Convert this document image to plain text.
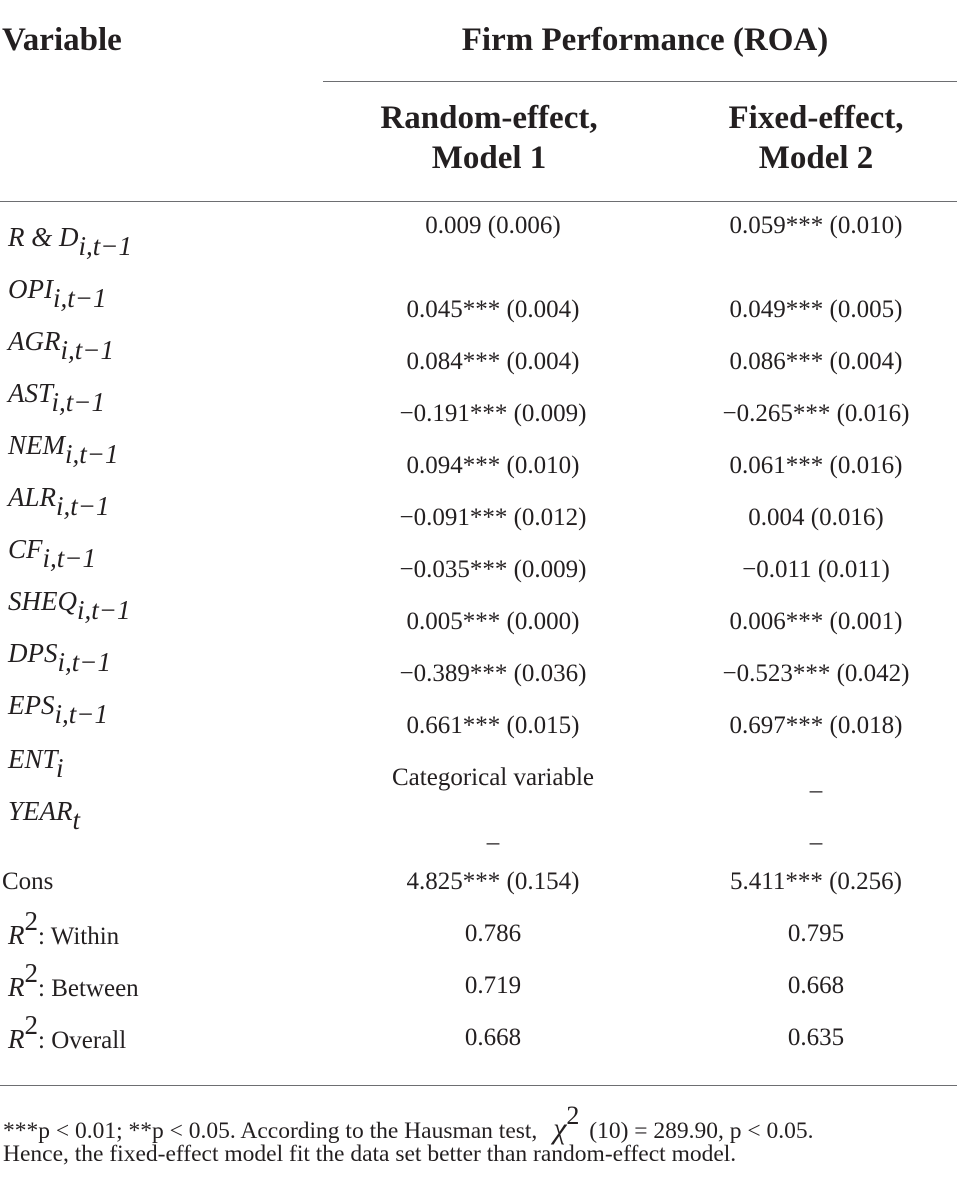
Variable	Firm Performance (ROA)
Random-effect,
Model 1
Fixed-effect,
Model 2
R & Di,t−1
OPIi,t−1
AGRi,t−1
ASTi,t−1
NEMi,t−1
ALRi,t−1
CFi,t−1
SHEQi,t−1
DPSi,t−1
EPSi,t−1
ENTi
YEARt
Cons
0.009 (0.006)
0.045*** (0.004)
0.084*** (0.004)
−0.191*** (0.009)
0.094*** (0.010)
−0.091*** (0.012)
−0.035*** (0.009)
0.005*** (0.000)
−0.389*** (0.036)
0.661*** (0.015)
Categorical variable
_
4.825*** (0.154)
0.059*** (0.010)
0.049*** (0.005)
0.086*** (0.004)
−0.265*** (0.016)
0.061*** (0.016)
0.004 (0.016)
−0.011 (0.011)
0.006*** (0.001)
−0.523*** (0.042)
0.697*** (0.018)
_
_
5.411*** (0.256)
R2: Within
R2: Between
R2: Overall
0.786
0.719
0.668
0.795
0.668
0.635
***p < 0.01; **p < 0.05. According to the Hausman test, $\chi^2$ (10) = 289.90, p < 0.05.
Hence, the fixed-effect model fit the data set better than random-effect model.
